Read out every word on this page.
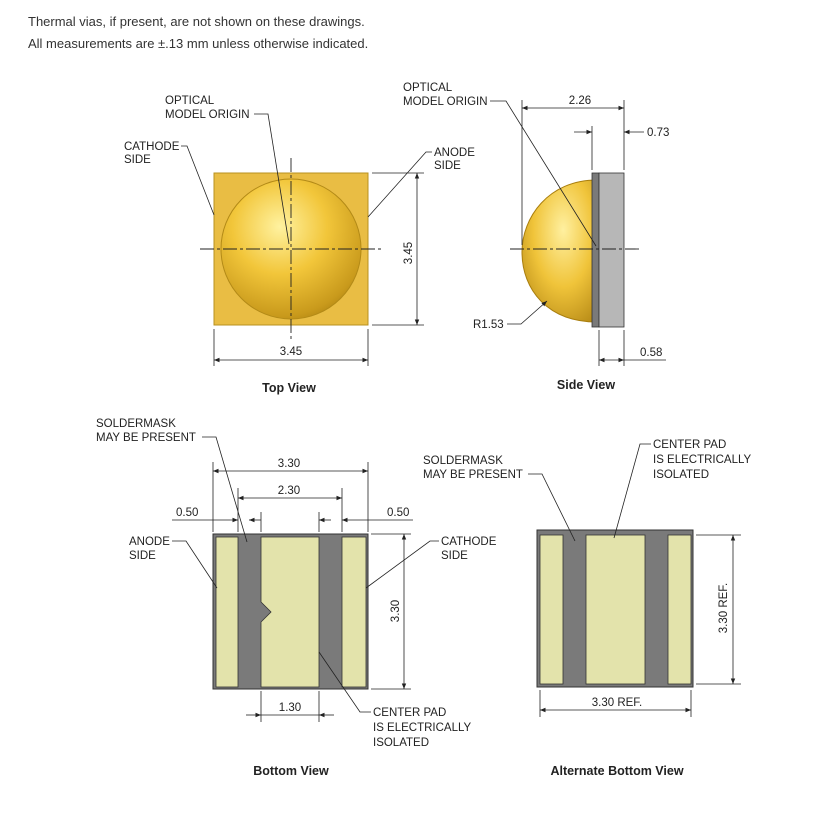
Thermal vias, if present, are not shown on these drawings.
All measurements are ±.13 mm unless otherwise indicated.
OPTICAL
MODEL ORIGIN
CATHODE
SIDE
ANODE
SIDE
3.45
3.45
Top View
OPTICAL
MODEL ORIGIN	2.26
0.73
0.58
R1.53
Side View
SOLDERMASK
MAY BE PRESENT
3.30
2.30
0.50	0.50
ANODE
SIDE
CATHODE
SIDE
3.30
1.30	CENTER PAD
IS ELECTRICALLY
ISOLATED
Bottom View
SOLDERMASK
MAY BE PRESENT
CENTER PAD
IS ELECTRICALLY
ISOLATED
3.30 REF.
3.30 REF.
Alternate Bottom View
